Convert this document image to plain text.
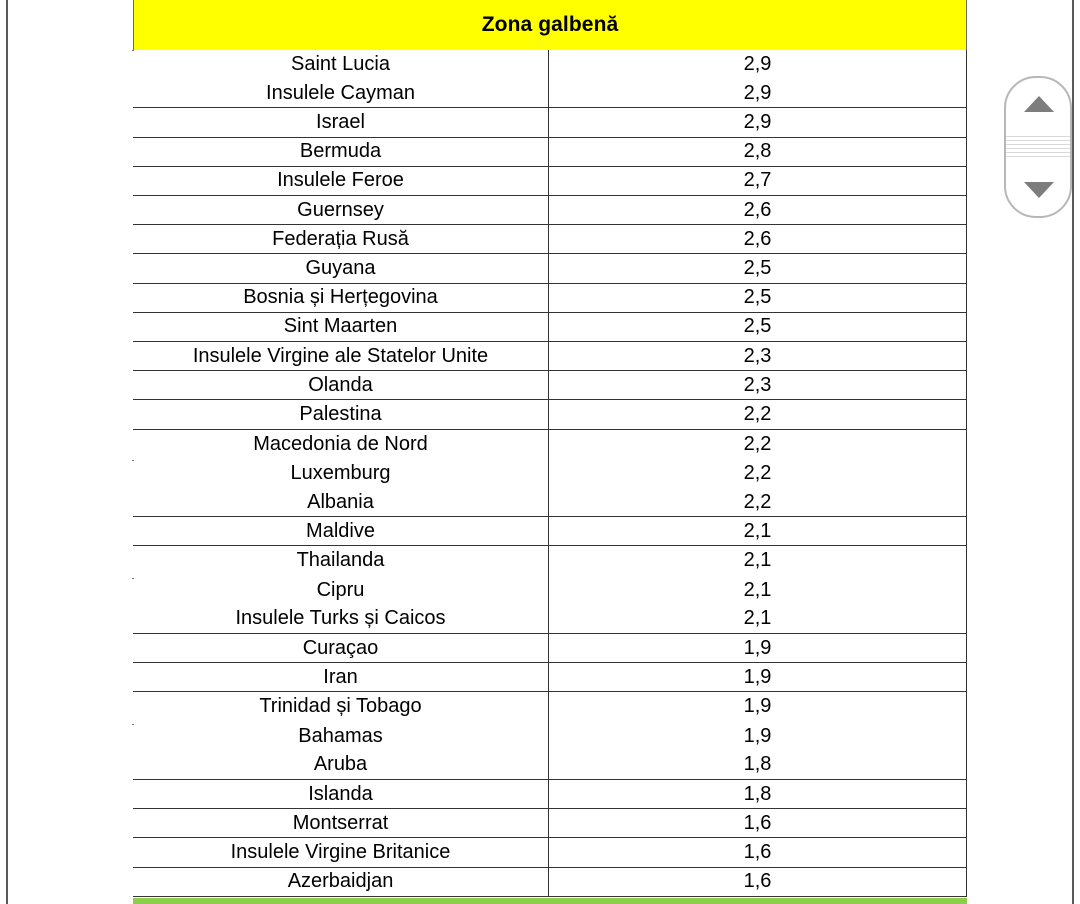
Zona galbenă
Saint Lucia	2,9
Insulele Cayman	2,9
Israel	2,9
Bermuda	2,8
Insulele Feroe	2,7
Guernsey	2,6
Federația Rusă	2,6
Guyana	2,5
Bosnia și Herțegovina	2,5
Sint Maarten	2,5
Insulele Virgine ale Statelor Unite	2,3
Olanda	2,3
Palestina	2,2
Macedonia de Nord	2,2
Luxemburg	2,2
Albania	2,2
Maldive	2,1
Thailanda	2,1
Cipru	2,1
Insulele Turks și Caicos	2,1
Curaçao	1,9
Iran	1,9
Trinidad și Tobago	1,9
Bahamas	1,9
Aruba	1,8
Islanda	1,8
Montserrat	1,6
Insulele Virgine Britanice	1,6
Azerbaidjan	1,6
